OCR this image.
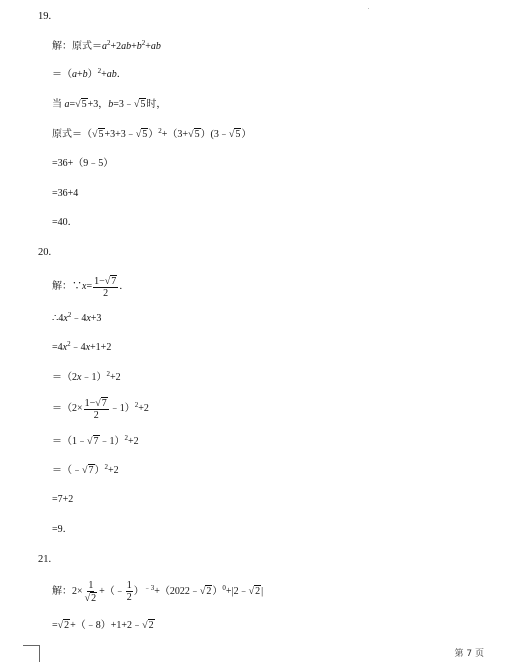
19.
解：原式$=a^2+2ab+b^2+ab$
$=(a+b)^2+ab$．
当 a=√5+3，b=3﹣√5时，
原式＝（√5+3+3﹣√5）$^2$+（3+√5）(3﹣√5）
=36+（9﹣5）
=36+4
=40．
20.
解：∵x= $\frac{1-√7}{2}$ ．
$\therefore 4x^2﹣4x+3$
$=4x^2﹣4x+1+2$
＝（2x﹣1）$^2$+2
$=(2\times \frac{1-√7}{2}$ ﹣1）$^2$+2
＝（1﹣√7﹣1）$^2$+2
＝（﹣√7）$^2$+2
=7+2
=9．
21.
解：$2\times \frac{1}{√2}$ +（﹣ $\frac{1}{2}$ ）$^{﹣3}$+（2022﹣√2）$^0$+|2﹣√2|
=√2+（﹣8）+1+2﹣√2
第 7 页
